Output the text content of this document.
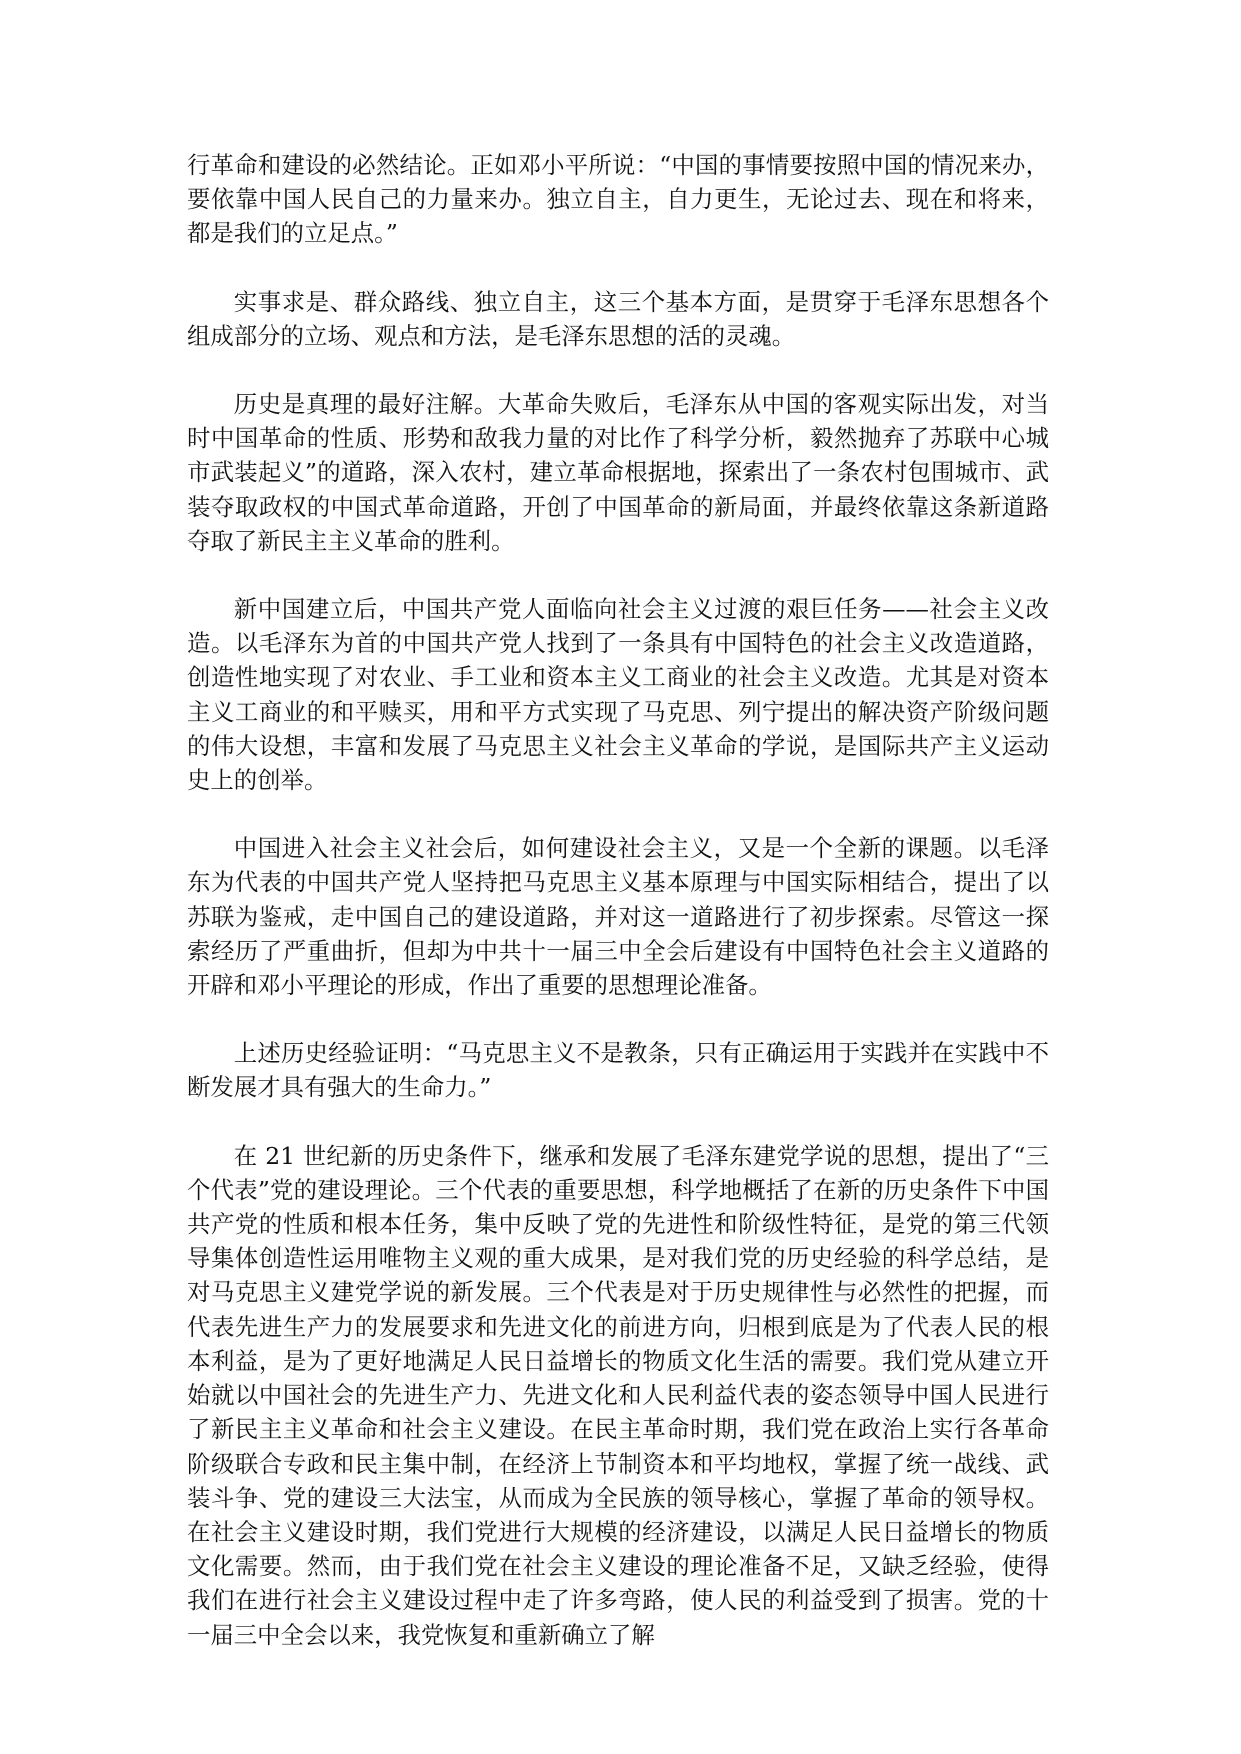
行革命和建设的必然结论。正如邓小平所说：“中国的事情要按照中国的情况来办，要依靠中国人民自己的力量来办。独立自主，自力更生，无论过去、现在和将来，都是我们的立足点。”

实事求是、群众路线、独立自主，这三个基本方面，是贯穿于毛泽东思想各个组成部分的立场、观点和方法，是毛泽东思想的活的灵魂。

历史是真理的最好注解。大革命失败后，毛泽东从中国的客观实际出发，对当时中国革命的性质、形势和敌我力量的对比作了科学分析，毅然抛弃了苏联中心城市武装起义”的道路，深入农村，建立革命根据地，探索出了一条农村包围城市、武装夺取政权的中国式革命道路，开创了中国革命的新局面，并最终依靠这条新道路夺取了新民主主义革命的胜利。

新中国建立后，中国共产党人面临向社会主义过渡的艰巨任务——社会主义改造。以毛泽东为首的中国共产党人找到了一条具有中国特色的社会主义改造道路，创造性地实现了对农业、手工业和资本主义工商业的社会主义改造。尤其是对资本主义工商业的和平赎买，用和平方式实现了马克思、列宁提出的解决资产阶级问题的伟大设想，丰富和发展了马克思主义社会主义革命的学说，是国际共产主义运动史上的创举。

中国进入社会主义社会后，如何建设社会主义，又是一个全新的课题。以毛泽东为代表的中国共产党人坚持把马克思主义基本原理与中国实际相结合，提出了以苏联为鉴戒，走中国自己的建设道路，并对这一道路进行了初步探索。尽管这一探索经历了严重曲折，但却为中共十一届三中全会后建设有中国特色社会主义道路的开辟和邓小平理论的形成，作出了重要的思想理论准备。

上述历史经验证明：“马克思主义不是教条，只有正确运用于实践并在实践中不断发展才具有强大的生命力。”

在 21 世纪新的历史条件下，继承和发展了毛泽东建党学说的思想，提出了“三个代表”党的建设理论。三个代表的重要思想，科学地概括了在新的历史条件下中国共产党的性质和根本任务，集中反映了党的先进性和阶级性特征，是党的第三代领导集体创造性运用唯物主义观的重大成果，是对我们党的历史经验的科学总结，是对马克思主义建党学说的新发展。三个代表是对于历史规律性与必然性的把握，而代表先进生产力的发展要求和先进文化的前进方向，归根到底是为了代表人民的根本利益，是为了更好地满足人民日益增长的物质文化生活的需要。我们党从建立开始就以中国社会的先进生产力、先进文化和人民利益代表的姿态领导中国人民进行了新民主主义革命和社会主义建设。在民主革命时期，我们党在政治上实行各革命阶级联合专政和民主集中制，在经济上节制资本和平均地权，掌握了统一战线、武装斗争、党的建设三大法宝，从而成为全民族的领导核心，掌握了革命的领导权。在社会主义建设时期，我们党进行大规模的经济建设，以满足人民日益增长的物质文化需要。然而，由于我们党在社会主义建设的理论准备不足，又缺乏经验，使得我们在进行社会主义建设过程中走了许多弯路，使人民的利益受到了损害。党的十一届三中全会以来，我党恢复和重新确立了解
